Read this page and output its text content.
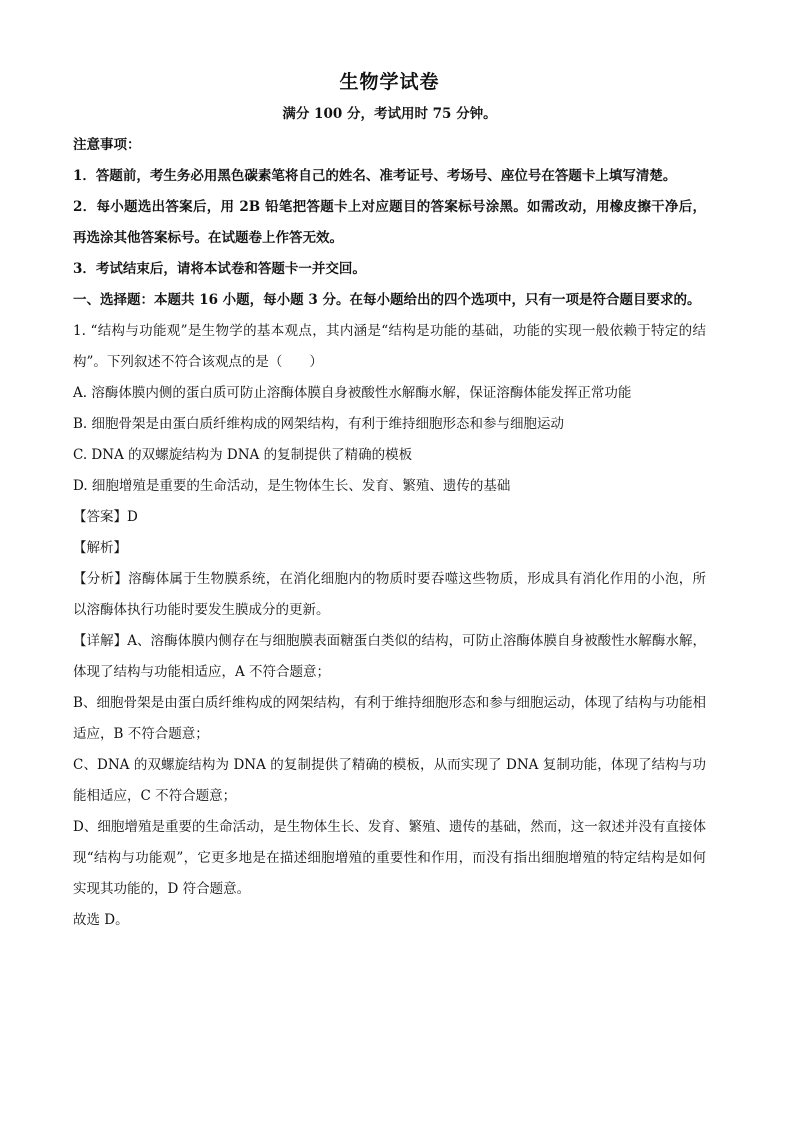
生物学试卷
满分 100 分，考试用时 75 分钟。

注意事项：

1．答题前，考生务必用黑色碳素笔将自己的姓名、准考证号、考场号、座位号在答题卡上填写清楚。

2．每小题选出答案后，用 2B 铅笔把答题卡上对应题目的答案标号涂黑。如需改动，用橡皮擦干净后，再选涂其他答案标号。在试题卷上作答无效。

3．考试结束后，请将本试卷和答题卡一并交回。

一、选择题：本题共 16 小题，每小题 3 分。在每小题给出的四个选项中，只有一项是符合题目要求的。

1. “结构与功能观”是生物学的基本观点，其内涵是“结构是功能的基础，功能的实现一般依赖于特定的结构”。下列叙述不符合该观点的是（　　）

A. 溶酶体膜内侧的蛋白质可防止溶酶体膜自身被酸性水解酶水解，保证溶酶体能发挥正常功能

B. 细胞骨架是由蛋白质纤维构成的网架结构，有利于维持细胞形态和参与细胞运动

C. DNA 的双螺旋结构为 DNA 的复制提供了精确的模板

D. 细胞增殖是重要的生命活动，是生物体生长、发育、繁殖、遗传的基础

【答案】D

【解析】

【分析】溶酶体属于生物膜系统，在消化细胞内的物质时要吞噬这些物质，形成具有消化作用的小泡，所以溶酶体执行功能时要发生膜成分的更新。

【详解】A、溶酶体膜内侧存在与细胞膜表面糖蛋白类似的结构，可防止溶酶体膜自身被酸性水解酶水解，体现了结构与功能相适应，A 不符合题意；

B、细胞骨架是由蛋白质纤维构成的网架结构，有利于维持细胞形态和参与细胞运动，体现了结构与功能相适应，B 不符合题意；

C、DNA 的双螺旋结构为 DNA 的复制提供了精确的模板，从而实现了 DNA 复制功能，体现了结构与功能相适应，C 不符合题意；

D、细胞增殖是重要的生命活动，是生物体生长、发育、繁殖、遗传的基础，然而，这一叙述并没有直接体现“结构与功能观”，它更多地是在描述细胞增殖的重要性和作用，而没有指出细胞增殖的特定结构是如何实现其功能的，D 符合题意。

故选 D。
